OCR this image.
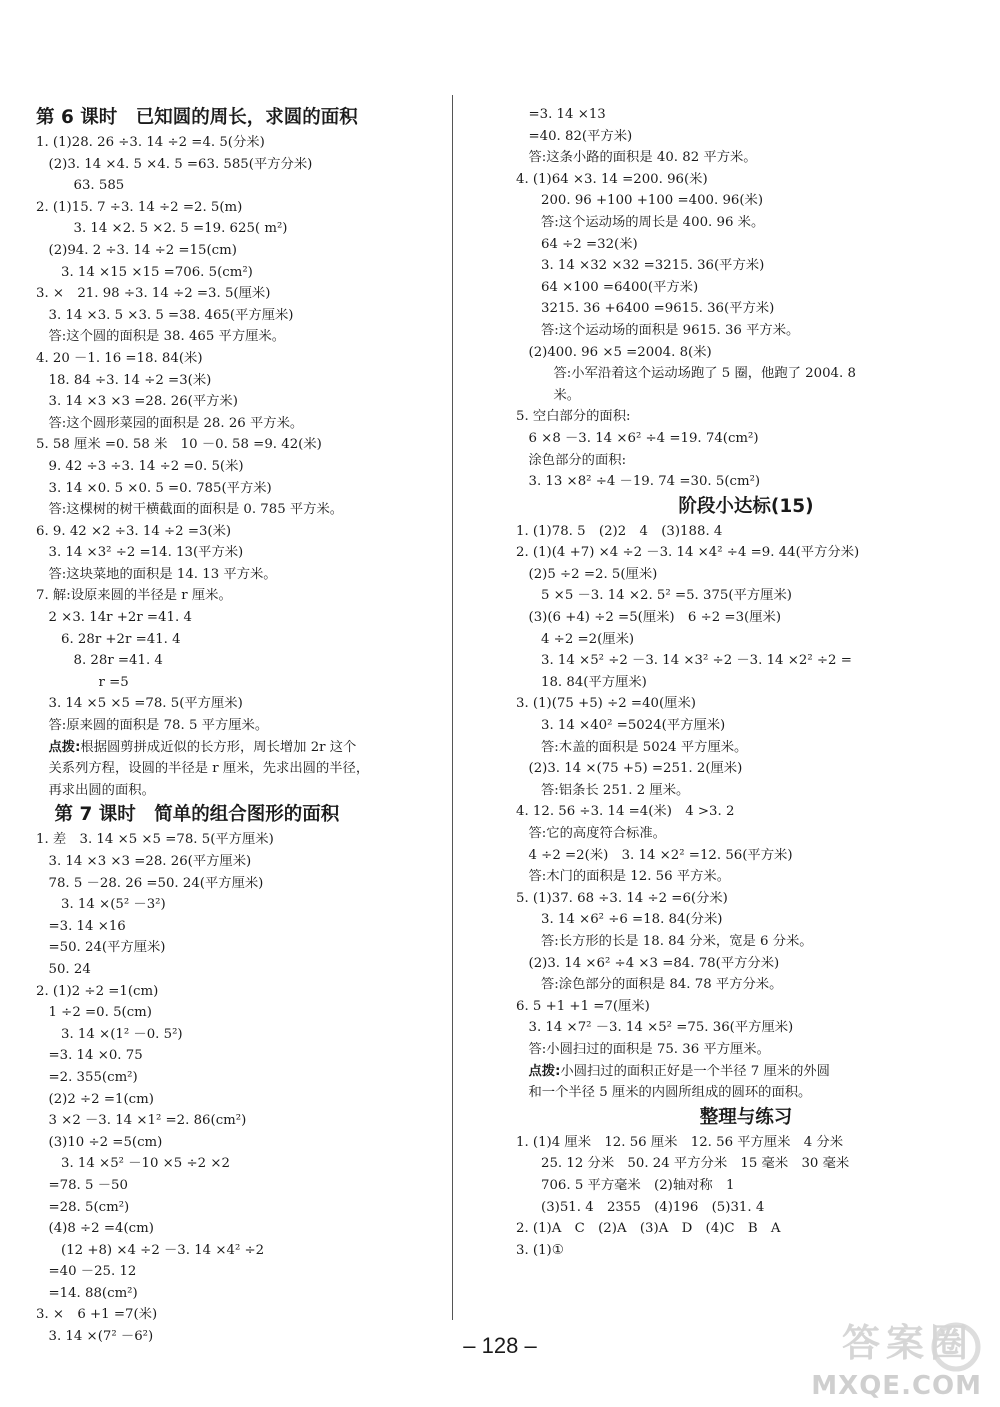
第 6 课时　已知圆的周长，求圆的面积
1. (1)28. 26 ÷3. 14 ÷2 =4. 5(分米)
(2)3. 14 ×4. 5 ×4. 5 =63. 585(平方分米)
63. 585
2. (1)15. 7 ÷3. 14 ÷2 =2. 5(m)
3. 14 ×2. 5 ×2. 5 =19. 625( m²)
(2)94. 2 ÷3. 14 ÷2 =15(cm)
3. 14 ×15 ×15 =706. 5(cm²)
3. ×　21. 98 ÷3. 14 ÷2 =3. 5(厘米)
3. 14 ×3. 5 ×3. 5 =38. 465(平方厘米)
答:这个圆的面积是 38. 465 平方厘米。
4. 20 －1. 16 =18. 84(米)
18. 84 ÷3. 14 ÷2 =3(米)
3. 14 ×3 ×3 =28. 26(平方米)
答:这个圆形菜园的面积是 28. 26 平方米。
5. 58 厘米 =0. 58 米　10 －0. 58 =9. 42(米)
9. 42 ÷3 ÷3. 14 ÷2 =0. 5(米)
3. 14 ×0. 5 ×0. 5 =0. 785(平方米)
答:这棵树的树干横截面的面积是 0. 785 平方米。
6. 9. 42 ×2 ÷3. 14 ÷2 =3(米)
3. 14 ×3² ÷2 =14. 13(平方米)
答:这块菜地的面积是 14. 13 平方米。
7. 解:设原来圆的半径是 r 厘米。
2 ×3. 14r +2r =41. 4
6. 28r +2r =41. 4
8. 28r =41. 4
r =5
3. 14 ×5 ×5 =78. 5(平方厘米)
答:原来圆的面积是 78. 5 平方厘米。
点拨:根据圆剪拼成近似的长方形，周长增加 2r 这个
关系列方程，设圆的半径是 r 厘米，先求出圆的半径，
再求出圆的面积。
　第 7 课时　简单的组合图形的面积
1. 差　3. 14 ×5 ×5 =78. 5(平方厘米)
3. 14 ×3 ×3 =28. 26(平方厘米)
78. 5 －28. 26 =50. 24(平方厘米)
3. 14 ×(5² －3²)
=3. 14 ×16
=50. 24(平方厘米)
50. 24
2. (1)2 ÷2 =1(cm)
1 ÷2 =0. 5(cm)
3. 14 ×(1² －0. 5²)
=3. 14 ×0. 75
=2. 355(cm²)
(2)2 ÷2 =1(cm)
3 ×2 －3. 14 ×1² =2. 86(cm²)
(3)10 ÷2 =5(cm)
3. 14 ×5² －10 ×5 ÷2 ×2
=78. 5 －50
=28. 5(cm²)
(4)8 ÷2 =4(cm)
(12 +8) ×4 ÷2 －3. 14 ×4² ÷2
=40 －25. 12
=14. 88(cm²)
3. ×　6 +1 =7(米)
3. 14 ×(7² －6²)
=3. 14 ×13
=40. 82(平方米)
答:这条小路的面积是 40. 82 平方米。
4. (1)64 ×3. 14 =200. 96(米)
200. 96 +100 +100 =400. 96(米)
答:这个运动场的周长是 400. 96 米。
64 ÷2 =32(米)
3. 14 ×32 ×32 =3215. 36(平方米)
64 ×100 =6400(平方米)
3215. 36 +6400 =9615. 36(平方米)
答:这个运动场的面积是 9615. 36 平方米。
(2)400. 96 ×5 =2004. 8(米)
答:小军沿着这个运动场跑了 5 圈，他跑了 2004. 8
米。
5. 空白部分的面积:
6 ×8 －3. 14 ×6² ÷4 =19. 74(cm²)
涂色部分的面积:
3. 13 ×8² ÷4 －19. 74 =30. 5(cm²)
阶段小达标(15)
1. (1)78. 5　(2)2　4　(3)188. 4
2. (1)(4 +7) ×4 ÷2 －3. 14 ×4² ÷4 =9. 44(平方分米)
(2)5 ÷2 =2. 5(厘米)
5 ×5 －3. 14 ×2. 5² =5. 375(平方厘米)
(3)(6 +4) ÷2 =5(厘米)　6 ÷2 =3(厘米)
4 ÷2 =2(厘米)
3. 14 ×5² ÷2 －3. 14 ×3² ÷2 －3. 14 ×2² ÷2 =
18. 84(平方厘米)
3. (1)(75 +5) ÷2 =40(厘米)
3. 14 ×40² =5024(平方厘米)
答:木盖的面积是 5024 平方厘米。
(2)3. 14 ×(75 +5) =251. 2(厘米)
答:铝条长 251. 2 厘米。
4. 12. 56 ÷3. 14 =4(米)　4 >3. 2
答:它的高度符合标准。
4 ÷2 =2(米)　3. 14 ×2² =12. 56(平方米)
答:木门的面积是 12. 56 平方米。
5. (1)37. 68 ÷3. 14 ÷2 =6(分米)
3. 14 ×6² ÷6 =18. 84(分米)
答:长方形的长是 18. 84 分米，宽是 6 分米。
(2)3. 14 ×6² ÷4 ×3 =84. 78(平方分米)
答:涂色部分的面积是 84. 78 平方分米。
6. 5 +1 +1 =7(厘米)
3. 14 ×7² －3. 14 ×5² =75. 36(平方厘米)
答:小圆扫过的面积是 75. 36 平方厘米。
点拨:小圆扫过的面积正好是一个半径 7 厘米的外圆
和一个半径 5 厘米的内圆所组成的圆环的面积。
整理与练习
1. (1)4 厘米　12. 56 厘米　12. 56 平方厘米　4 分米
25. 12 分米　50. 24 平方分米　15 毫米　30 毫米
706. 5 平方毫米　(2)轴对称　1
(3)51. 4　2355　(4)196　(5)31. 4
2. (1)A　C　(2)A　(3)A　D　(4)C　B　A
3. (1)①
– 128 –	答案圈
MXQE.COM
